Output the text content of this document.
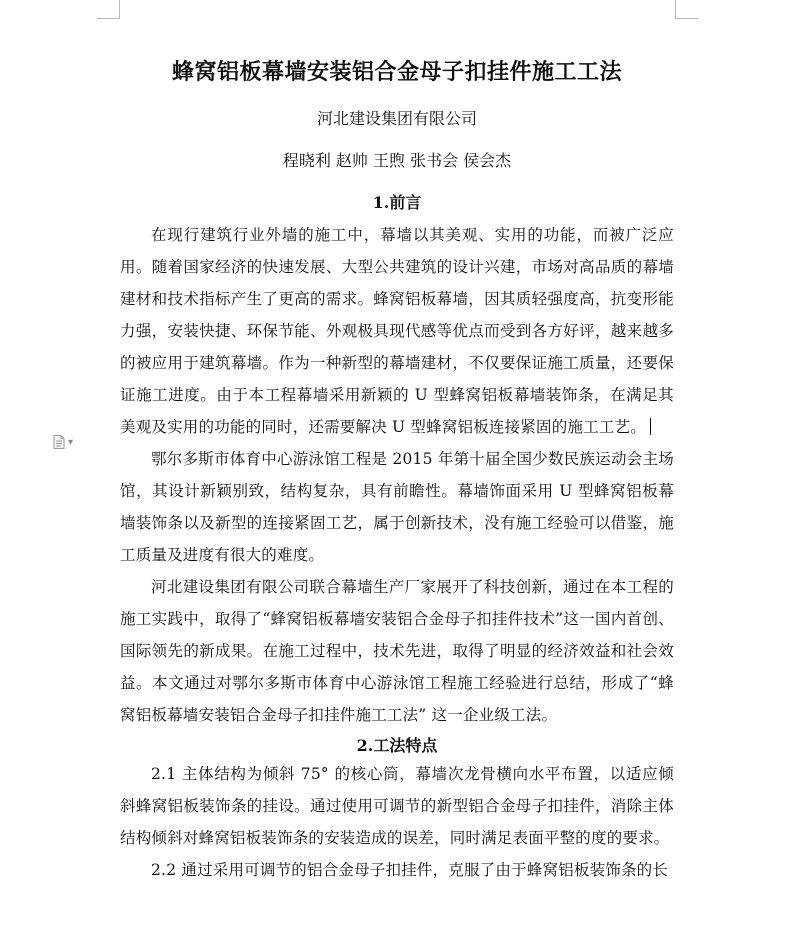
▾
蜂窝铝板幕墙安装铝合金母子扣挂件施工工法
河北建设集团有限公司
程晓利 赵帅 王煦 张书会 侯会杰
1.前言

在现行建筑行业外墙的施工中，幕墙以其美观、实用的功能，而被广泛应用。随着国家经济的快速发展、大型公共建筑的设计兴建，市场对高品质的幕墙建材和技术指标产生了更高的需求。蜂窝铝板幕墙，因其质轻强度高，抗变形能力强，安装快捷、环保节能、外观极具现代感等优点而受到各方好评，越来越多的被应用于建筑幕墙。作为一种新型的幕墙建材，不仅要保证施工质量，还要保证施工进度。由于本工程幕墙采用新颖的 U 型蜂窝铝板幕墙装饰条，在满足其美观及实用的功能的同时，还需要解决 U 型蜂窝铝板连接紧固的施工工艺。

鄂尔多斯市体育中心游泳馆工程是 2015 年第十届全国少数民族运动会主场馆，其设计新颖别致，结构复杂，具有前瞻性。幕墙饰面采用 U 型蜂窝铝板幕墙装饰条以及新型的连接紧固工艺，属于创新技术，没有施工经验可以借鉴，施工质量及进度有很大的难度。

河北建设集团有限公司联合幕墙生产厂家展开了科技创新，通过在本工程的施工实践中，取得了“蜂窝铝板幕墙安装铝合金母子扣挂件技术”这一国内首创、国际领先的新成果。在施工过程中，技术先进，取得了明显的经济效益和社会效益。本文通过对鄂尔多斯市体育中心游泳馆工程施工经验进行总结，形成了“蜂窝铝板幕墙安装铝合金母子扣挂件施工工法” 这一企业级工法。

2.工法特点

2.1 主体结构为倾斜 75° 的核心筒，幕墙次龙骨横向水平布置，以适应倾斜蜂窝铝板装饰条的挂设。通过使用可调节的新型铝合金母子扣挂件，消除主体结构倾斜对蜂窝铝板装饰条的安装造成的误差，同时满足表面平整的度的要求。

2.2 通过采用可调节的铝合金母子扣挂件，克服了由于蜂窝铝板装饰条的长
